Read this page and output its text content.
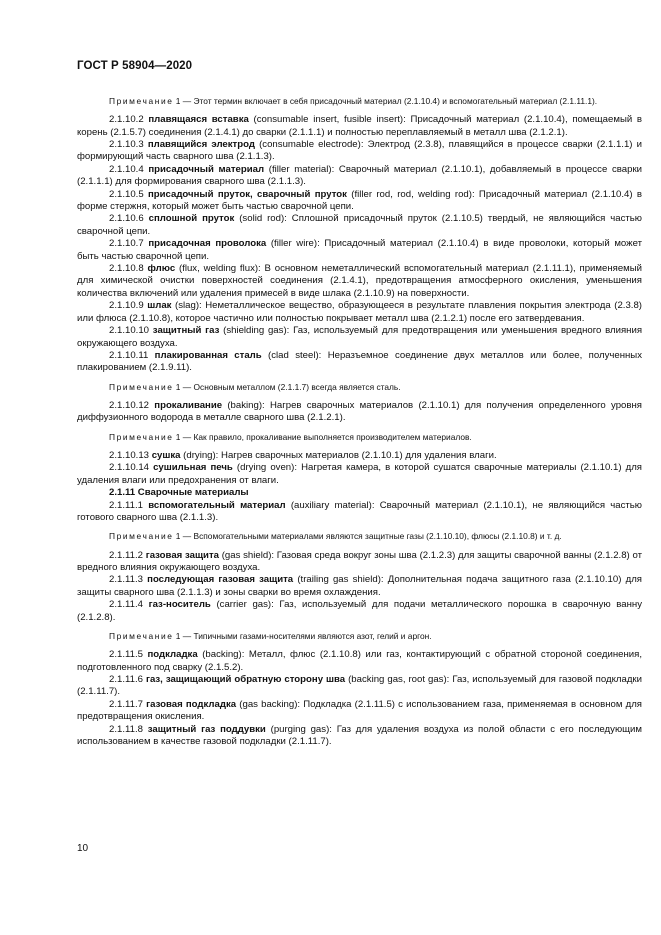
ГОСТ Р 58904—2020

Примечание 1 — Этот термин включает в себя присадочный материал (2.1.10.4) и вспомогательный материал (2.1.11.1).

2.1.10.2 плавящаяся вставка (consumable insert, fusible insert): Присадочный материал (2.1.10.4), помещаемый в корень (2.1.5.7) соединения (2.1.4.1) до сварки (2.1.1.1) и полностью переплавляемый в металл шва (2.1.2.1).

2.1.10.3 плавящийся электрод (consumable electrode): Электрод (2.3.8), плавящийся в процессе сварки (2.1.1.1) и формирующий часть сварного шва (2.1.1.3).

2.1.10.4 присадочный материал (filler material): Сварочный материал (2.1.10.1), добавляемый в процессе сварки (2.1.1.1) для формирования сварного шва (2.1.1.3).

2.1.10.5 присадочный пруток, сварочный пруток (filler rod, rod, welding rod): Присадочный материал (2.1.10.4) в форме стержня, который может быть частью сварочной цепи.

2.1.10.6 сплошной пруток (solid rod): Сплошной присадочный пруток (2.1.10.5) твердый, не являющийся частью сварочной цепи.

2.1.10.7 присадочная проволока (filler wire): Присадочный материал (2.1.10.4) в виде проволоки, который может быть частью сварочной цепи.

2.1.10.8 флюс (flux, welding flux): В основном неметаллический вспомогательный материал (2.1.11.1), применяемый для химической очистки поверхностей соединения (2.1.4.1), предотвращения атмосферного окисления, уменьшения количества включений или удаления примесей в виде шлака (2.1.10.9) на поверхности.

2.1.10.9 шлак (slag): Неметаллическое вещество, образующееся в результате плавления покрытия электрода (2.3.8) или флюса (2.1.10.8), которое частично или полностью покрывает металл шва (2.1.2.1) после его затвердевания.

2.1.10.10 защитный газ (shielding gas): Газ, используемый для предотвращения или уменьшения вредного влияния окружающего воздуха.

2.1.10.11 плакированная сталь (clad steel): Неразъемное соединение двух металлов или более, полученных плакированием (2.1.9.11).

Примечание 1 — Основным металлом (2.1.1.7) всегда является сталь.

2.1.10.12 прокаливание (baking): Нагрев сварочных материалов (2.1.10.1) для получения определенного уровня диффузионного водорода в металле сварного шва (2.1.2.1).

Примечание 1 — Как правило, прокаливание выполняется производителем материалов.

2.1.10.13 сушка (drying): Нагрев сварочных материалов (2.1.10.1) для удаления влаги.

2.1.10.14 сушильная печь (drying oven): Нагретая камера, в которой сушатся сварочные материалы (2.1.10.1) для удаления влаги или предохранения от влаги.

2.1.11 Сварочные материалы

2.1.11.1 вспомогательный материал (auxiliary material): Сварочный материал (2.1.10.1), не являющийся частью готового сварного шва (2.1.1.3).

Примечание 1 — Вспомогательными материалами являются защитные газы (2.1.10.10), флюсы (2.1.10.8) и т. д.

2.1.11.2 газовая защита (gas shield): Газовая среда вокруг зоны шва (2.1.2.3) для защиты сварочной ванны (2.1.2.8) от вредного влияния окружающего воздуха.

2.1.11.3 последующая газовая защита (trailing gas shield): Дополнительная подача защитного газа (2.1.10.10) для защиты сварного шва (2.1.1.3) и зоны сварки во время охлаждения.

2.1.11.4 газ-носитель (carrier gas): Газ, используемый для подачи металлического порошка в сварочную ванну (2.1.2.8).

Примечание 1 — Типичными газами-носителями являются азот, гелий и аргон.

2.1.11.5 подкладка (backing): Металл, флюс (2.1.10.8) или газ, контактирующий с обратной стороной соединения, подготовленного под сварку (2.1.5.2).

2.1.11.6 газ, защищающий обратную сторону шва (backing gas, root gas): Газ, используемый для газовой подкладки (2.1.11.7).

2.1.11.7 газовая подкладка (gas backing): Подкладка (2.1.11.5) с использованием газа, применяемая в основном для предотвращения окисления.

2.1.11.8 защитный газ поддувки (purging gas): Газ для удаления воздуха из полой области с его последующим использованием в качестве газовой подкладки (2.1.11.7).

10
